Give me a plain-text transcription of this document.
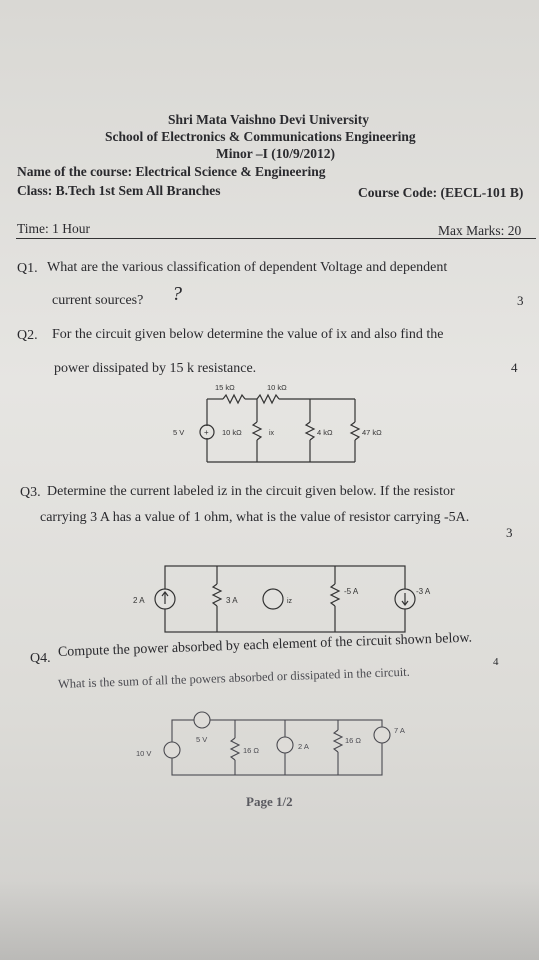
Shri Mata Vaishno Devi University
School of Electronics & Communications Engineering
Minor –I (10/9/2012)
Name of the course: Electrical Science & Engineering
Class: B.Tech 1st Sem All Branches	Course Code: (EECL-101 B)
Time: 1 Hour	Max Marks: 20
Q1. What are the various classification of dependent Voltage and dependent
current sources? ?	3
Q2. For the circuit given below determine the value of ix and also find the
power dissipated by 15 k resistance.	4
+
15 kΩ	10 kΩ
5 V	10 kΩ	ix	4 kΩ	47 kΩ
Q3. Determine the current labeled iz in the circuit given below. If the resistor
carrying 3 A has a value of 1 ohm, what is the value of resistor carrying -5A.
3
2 A	3 A	iz
-5 A	-3 A
Q4. Compute the power absorbed by each element of the circuit shown below.
What is the sum of all the powers absorbed or dissipated in the circuit.
4
5 V
10 V	16 Ω	2 A
16 Ω
7 A
Page 1/2
